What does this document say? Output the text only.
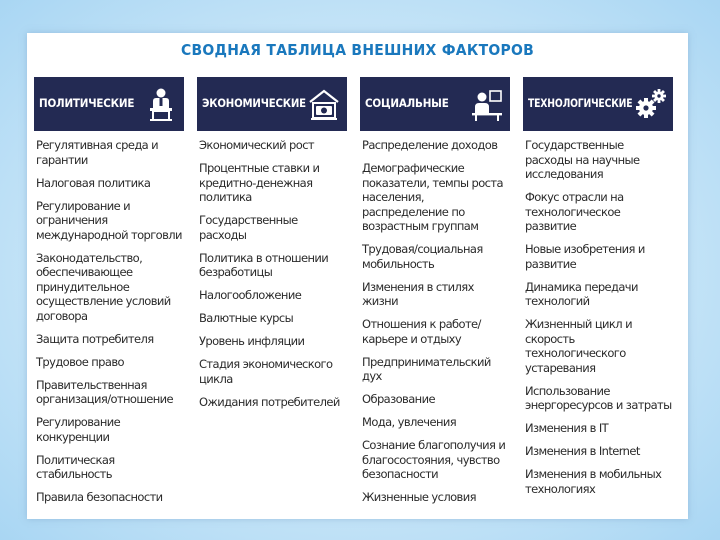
СВОДНАЯ ТАБЛИЦА ВНЕШНИХ ФАКТОРОВ
ПОЛИТИЧЕСКИЕ
Регулятивная среда и гарантии
Налоговая политика
Регулирование и ограничения международной торговли
Законодательство, обеспечивающее принудительное осуществление условий договора
Защита потребителя
Трудовое право
Правительственная организация/отношение
Регулирование конкуренции
Политическая стабильность
Правила безопасности
ЭКОНОМИЧЕСКИЕ
Экономический рост
Процентные ставки и кредитно-денежная политика
Государственные расходы
Политика в отношении безработицы
Налогообложение
Валютные курсы
Уровень инфляции
Стадия экономического цикла
Ожидания потребителей
СОЦИАЛЬНЫЕ
Распределение доходов
Демографические показатели, темпы роста населения, распределение по возрастным группам
Трудовая/социальная мобильность
Изменения в стилях жизни
Отношения к работе/карьере и отдыху
Предпринимательский дух
Образование
Мода, увлечения
Сознание благополучия и благосостояния, чувство безопасности
Жизненные условия
ТЕХНОЛОГИЧЕСКИЕ
Государственные расходы на научные исследования
Фокус отрасли на технологическое развитие
Новые изобретения и развитие
Динамика передачи технологий
Жизненный цикл и скорость технологического устаревания
Использование энергоресурсов и затраты
Изменения в IT
Изменения в Internet
Изменения в мобильных технологиях
